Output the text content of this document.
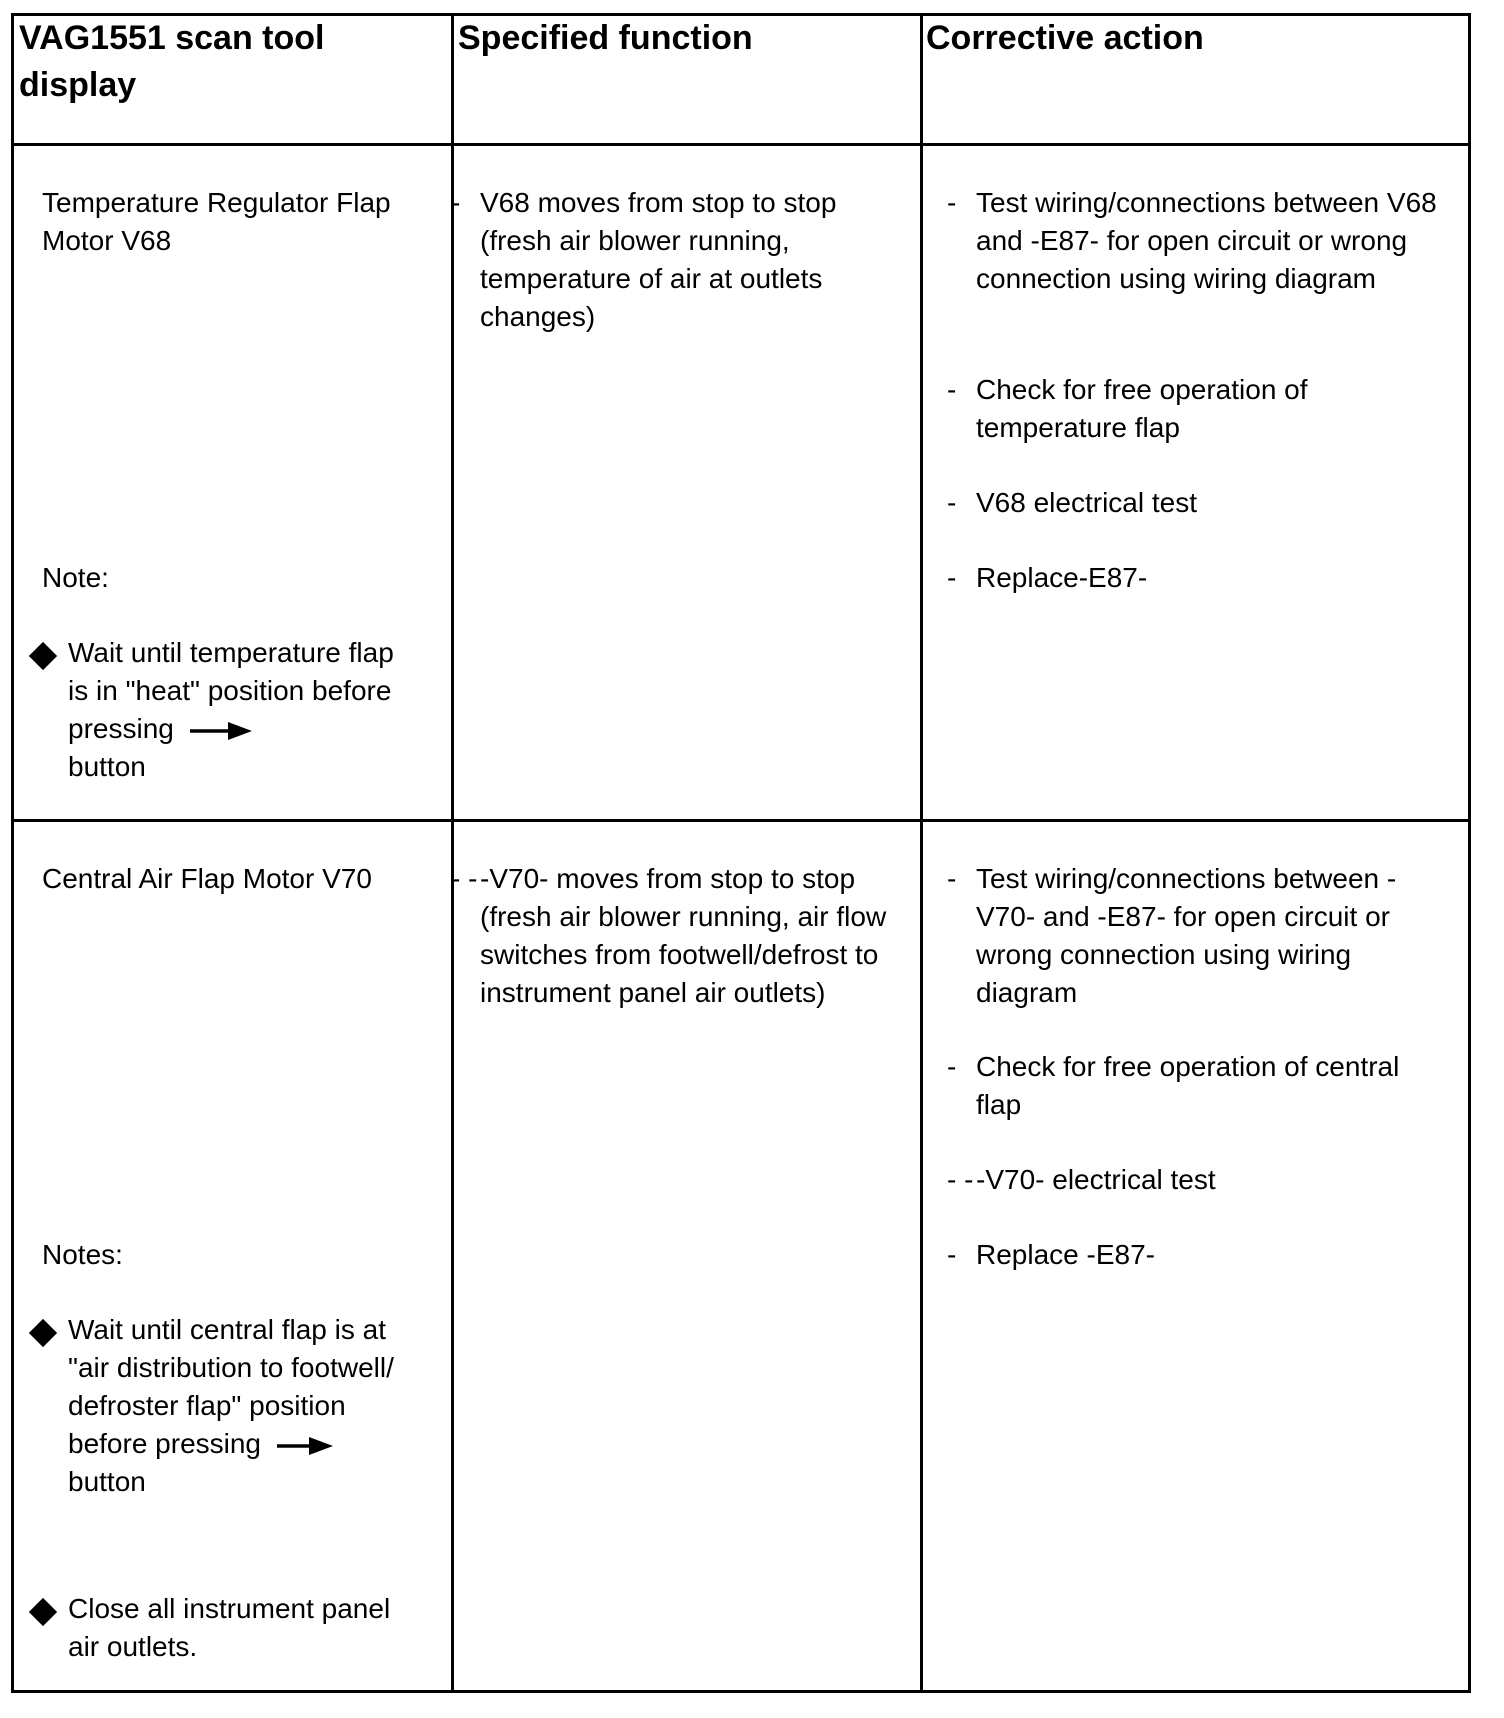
VAG1551 scan tool display
Specified function	Corrective action
Temperature Regulator Flap Motor V68
Note:
Wait until temperature flap is in "heat" position before pressing
button
- V68 moves from stop to stop (fresh air blower running, temperature of air at outlets changes)
- Test wiring/connections between V68 and -E87- for open circuit or wrong connection using wiring diagram
- Check for free operation of temperature flap
- V68 electrical test
- Replace-E87-
Central Air Flap Motor V70
Notes:
Wait until central flap is at "air distribution to footwell/
defroster flap" position before pressing
button
Close all instrument panel air outlets.
- - -V70- moves from stop to stop (fresh air blower running, air flow switches from footwell/defrost to instrument panel air outlets)
- Test wiring/connections between -V70- and -E87- for open circuit or wrong connection using wiring diagram
- Check for free operation of central flap
- - -V70- electrical test
- Replace -E87-
